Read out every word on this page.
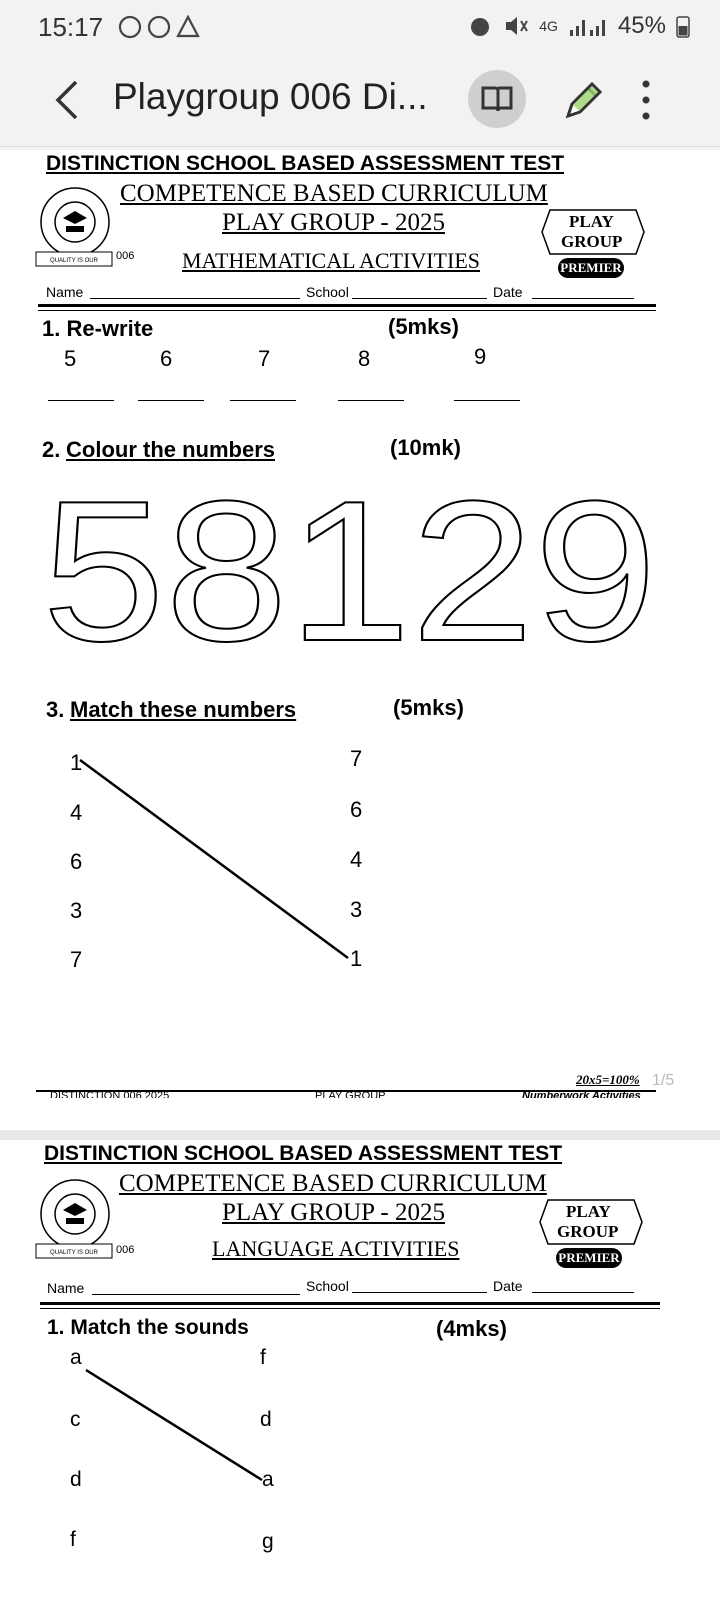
15:17	4G	45%
Playgroup 006 Di...
DISTINCTION SCHOOL BASED ASSESSMENT TEST
COMPETENCE BASED CURRICULUM
PLAY GROUP - 2025
MATHEMATICAL ACTIVITIES
QUALITY IS OUR 006
PLAY
GROUP
PREMIER
Name	School	Date
1. Re-write	(5mks)
5	6	7	8	9
2. Colour the numbers	(10mk)
58129
3. Match these numbers	(5mks)
1
4
6
3
7
7
6
4
3
1
20x5=100% 1/5
DISTINCTION 006 2025	PLAY GROUP	Numberwork Activities
DISTINCTION SCHOOL BASED ASSESSMENT TEST
COMPETENCE BASED CURRICULUM
PLAY GROUP - 2025
LANGUAGE ACTIVITIES
QUALITY IS OUR 006
PLAY
GROUP
PREMIER
Name	School	Date
1. Match the sounds	(4mks)
a
c
d
f
f
d
a
g
